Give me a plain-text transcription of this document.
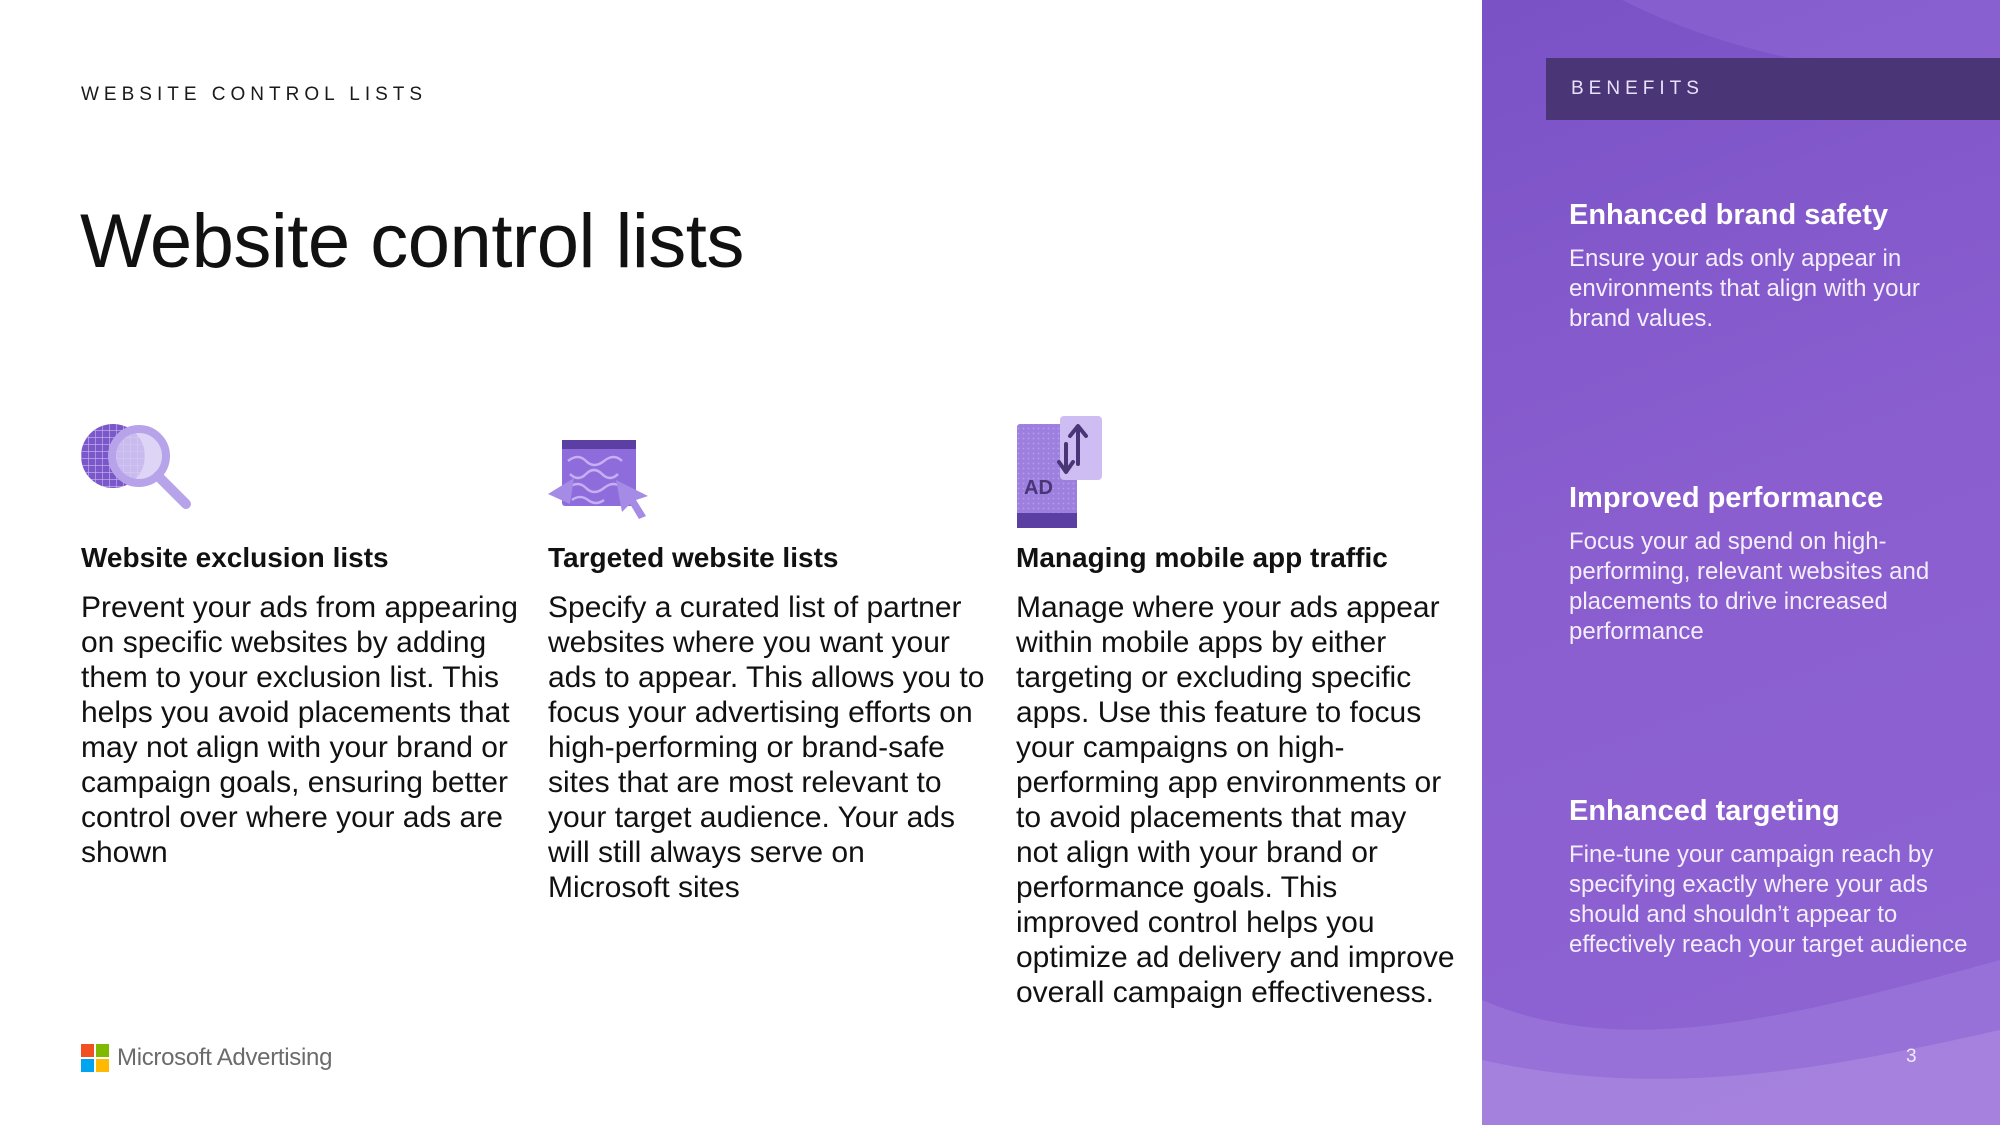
WEBSITE CONTROL LISTS
Website control lists
Website exclusion lists

Prevent your ads from appearing on specific websites by adding them to your exclusion list. This helps you avoid placements that may not align with your brand or campaign goals, ensuring better control over where your ads are shown

Targeted website lists

Specify a curated list of partner websites where you want your ads to appear. This allows you to focus your advertising efforts on high-performing or brand-safe sites that are most relevant to your target audience. Your ads will still always serve on Microsoft sites

AD
Managing mobile app traffic

Manage where your ads appear within mobile apps by either targeting or excluding specific apps. Use this feature to focus your campaigns on high-performing app environments or to avoid placements that may not align with your brand or performance goals. This improved control helps you optimize ad delivery and improve overall campaign effectiveness.

Microsoft Advertising
BENEFITS
Enhanced brand safety

Ensure your ads only appear in environments that align with your brand values.

Improved performance

Focus your ad spend on high-performing, relevant websites and placements to drive increased performance

Enhanced targeting

Fine-tune your campaign reach by specifying exactly where your ads should and shouldn’t appear to effectively reach your target audience

3
